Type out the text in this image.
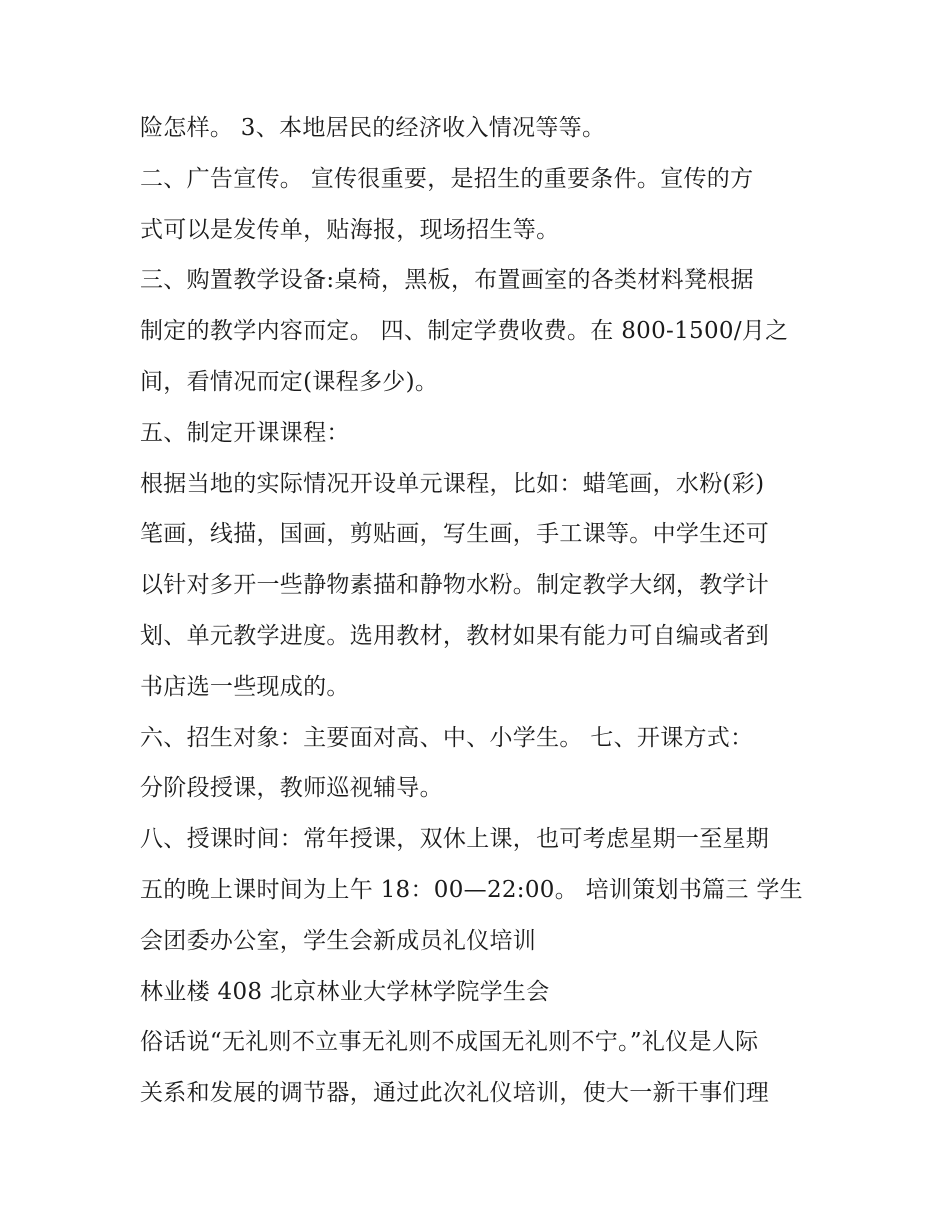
险怎样。 3、本地居民的经济收入情况等等。
二、广告宣传。 宣传很重要，是招生的重要条件。宣传的方
式可以是发传单，贴海报，现场招生等。
三、购置教学设备:桌椅，黑板，布置画室的各类材料凳根据
制定的教学内容而定。 四、制定学费收费。在 800-1500/月之
间，看情况而定(课程多少)。
五、制定开课课程：
根据当地的实际情况开设单元课程，比如：蜡笔画，水粉(彩)
笔画，线描，国画，剪贴画，写生画，手工课等。中学生还可
以针对多开一些静物素描和静物水粉。制定教学大纲，教学计
划、单元教学进度。选用教材，教材如果有能力可自编或者到
书店选一些现成的。
六、招生对象：主要面对高、中、小学生。 七、开课方式：
分阶段授课，教师巡视辅导。
八、授课时间：常年授课，双休上课，也可考虑星期一至星期
五的晚上课时间为上午 18：00—22:00。 培训策划书篇三 学生
会团委办公室，学生会新成员礼仪培训
林业楼 408 北京林业大学林学院学生会
俗话说“无礼则不立事无礼则不成国无礼则不宁。”礼仪是人际
关系和发展的调节器，通过此次礼仪培训，使大一新干事们理
